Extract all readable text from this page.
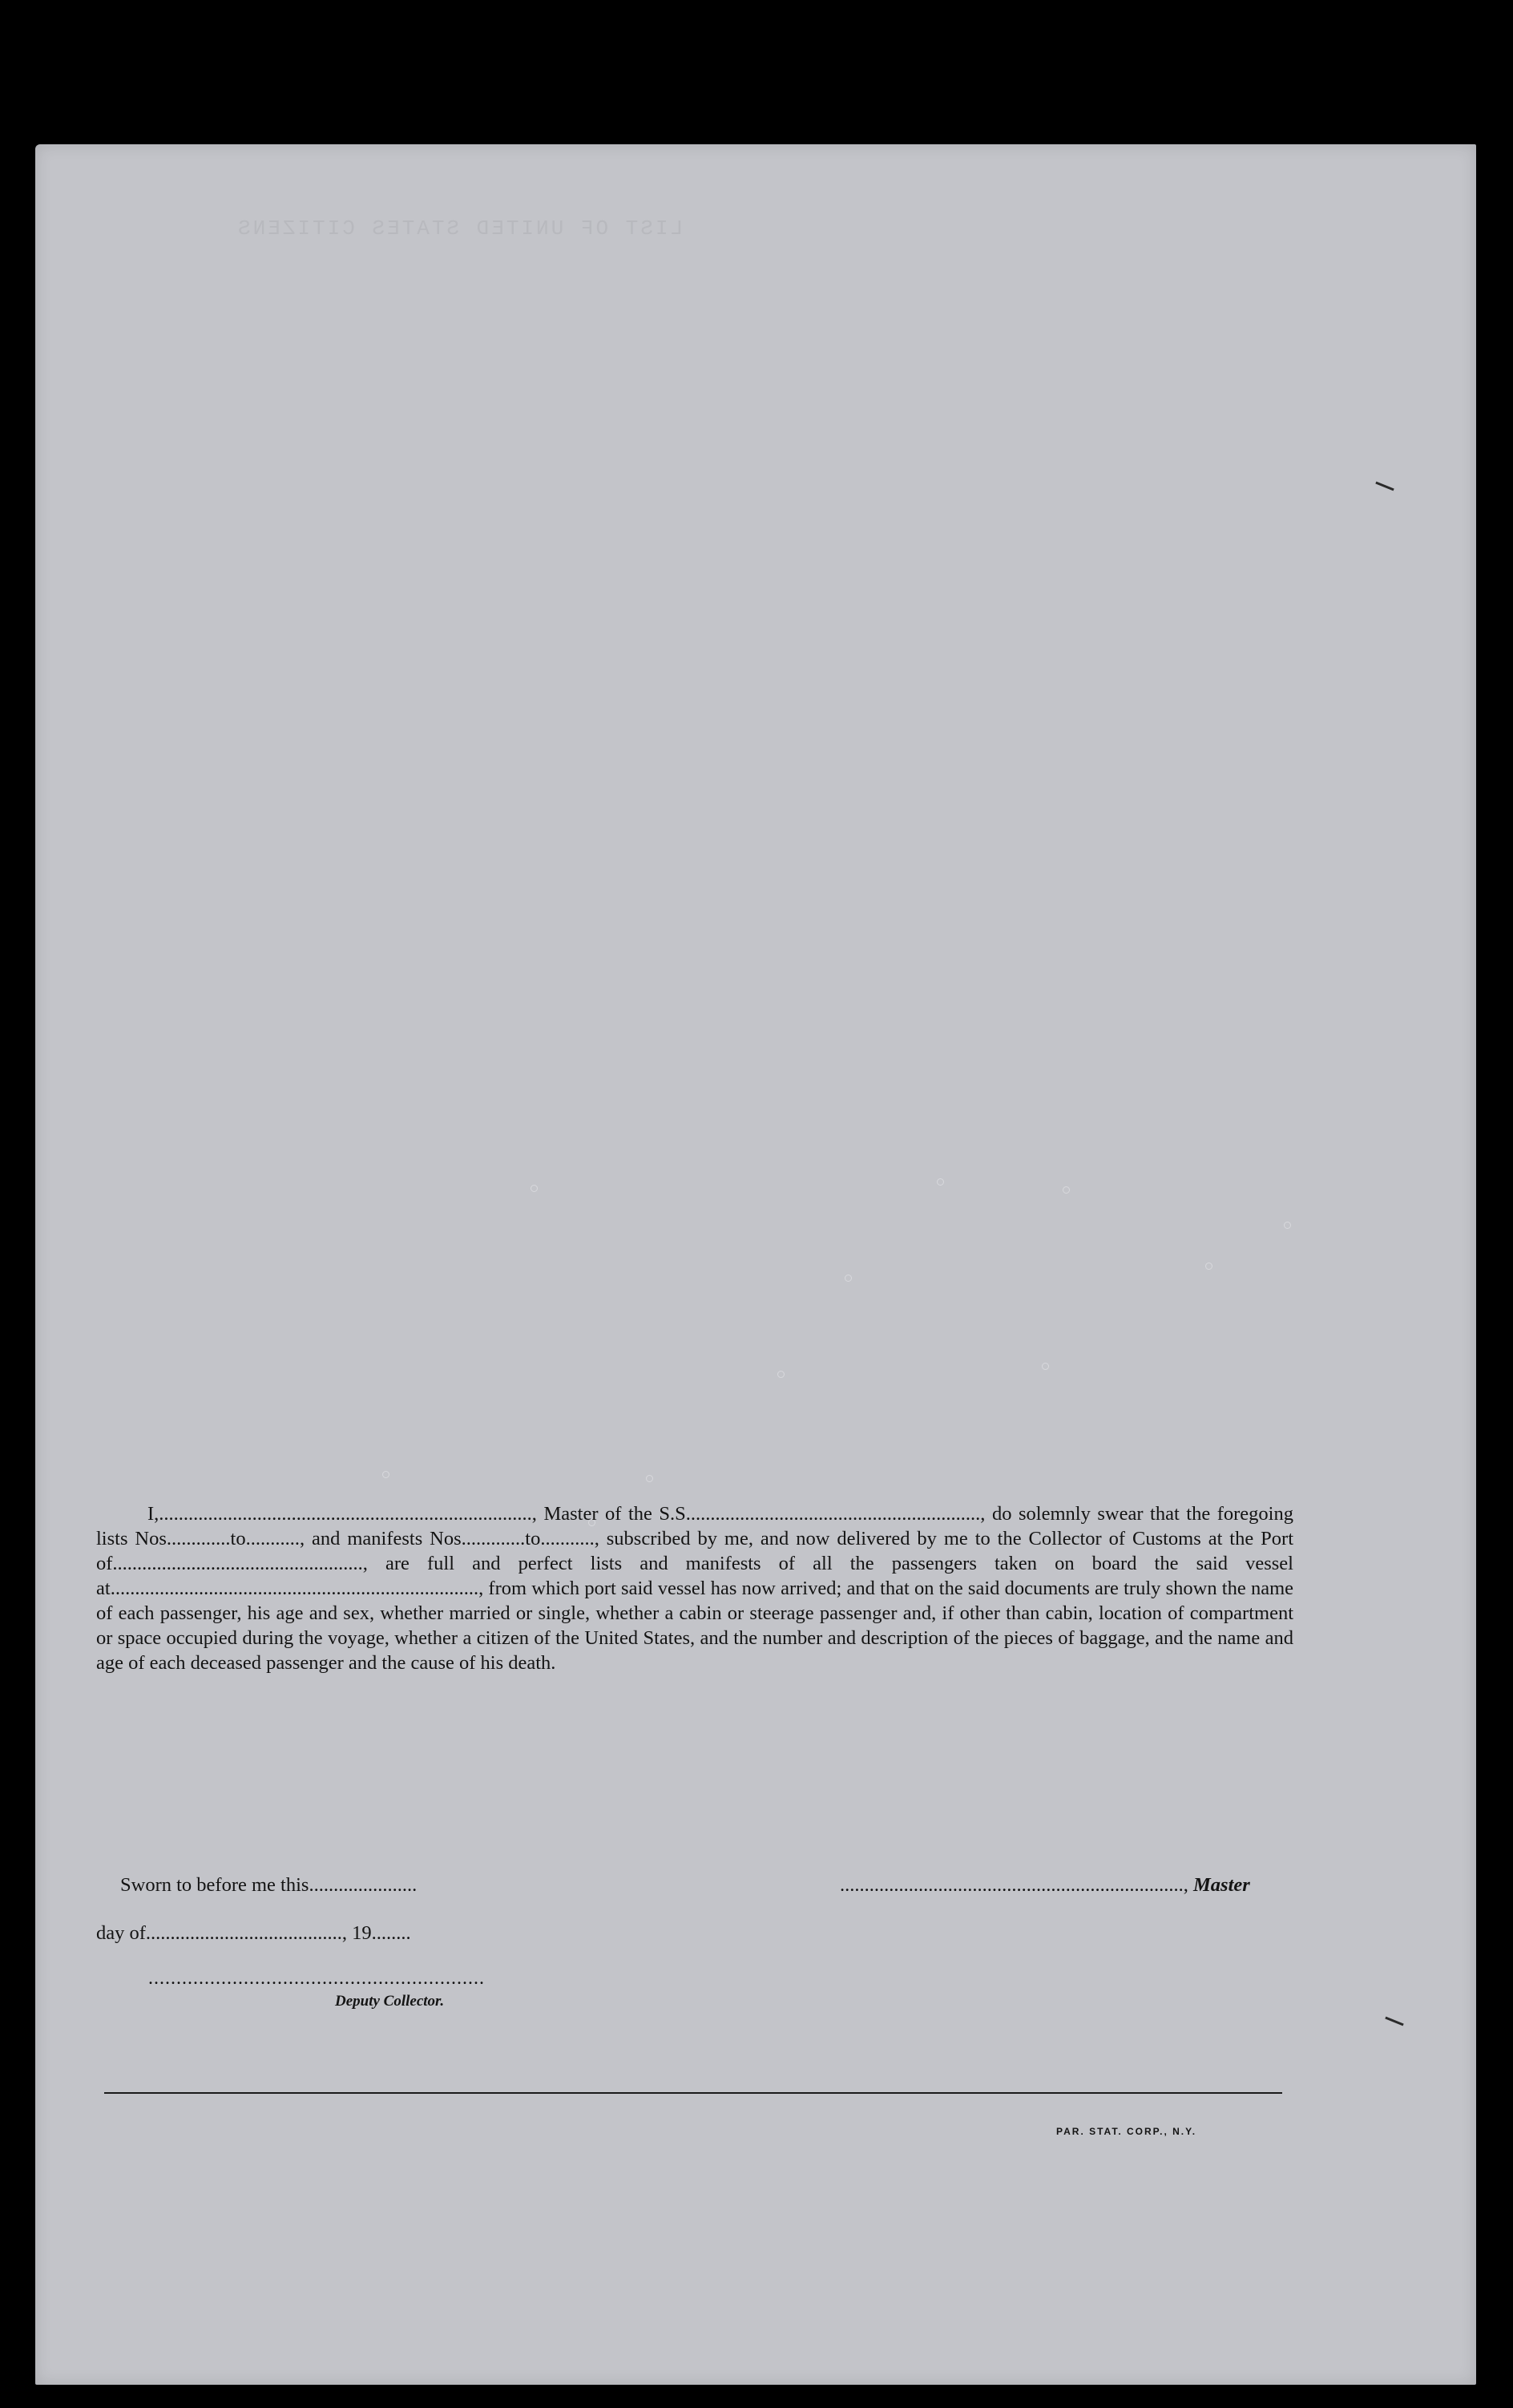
LIST OF UNITED STATES CITIZENS

I,............................................................................, Master of the S.S............................................................, do solemnly swear that the foregoing lists Nos.............to..........., and manifests Nos.............to..........., subscribed by me, and now delivered by me to the Collector of Customs at the Port of..................................................., are full and perfect lists and manifests of all the passengers taken on board the said vessel at..........................................................................., from which port said vessel has now arrived; and that on the said documents are truly shown the name of each passenger, his age and sex, whether married or single, whether a cabin or steerage passenger and, if other than cabin, location of compartment or space occupied during the voyage, whether a citizen of the United States, and the number and description of the pieces of baggage, and the name and age of each deceased passenger and the cause of his death.

Sworn to before me this......................	......................................................................, Master
day of........................................, 19........
............................................................
Deputy Collector.
PAR. STAT. CORP., N.Y.
